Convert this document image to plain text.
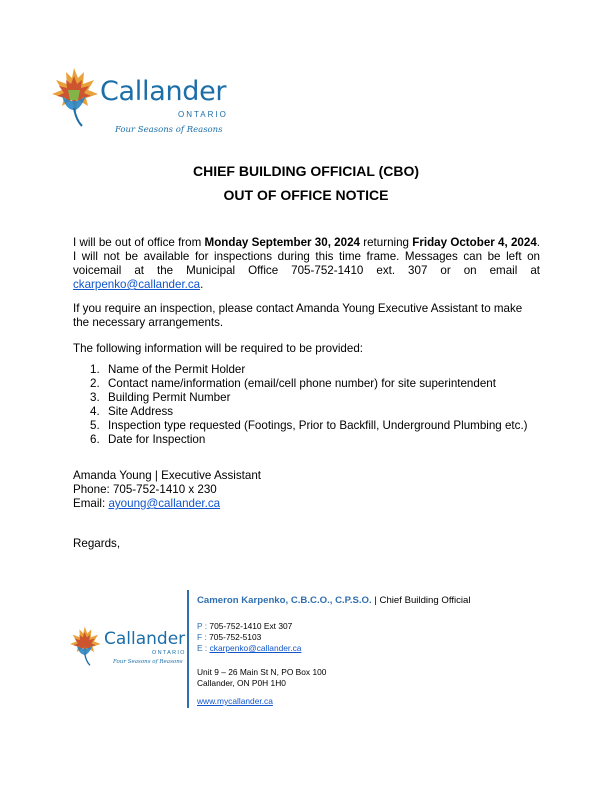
Callander
ONTARIO
Four Seasons of Reasons
CHIEF BUILDING OFFICIAL (CBO)
OUT OF OFFICE NOTICE
I will be out of office from Monday September 30, 2024 returning Friday October 4, 2024. I will not be available for inspections during this time frame. Messages can be left on voicemail at the Municipal Office 705-752-1410 ext. 307 or on email at ckarpenko@callander.ca.
If you require an inspection, please contact Amanda Young Executive Assistant to make the necessary arrangements.
The following information will be required to be provided:
1. Name of the Permit Holder
2. Contact name/information (email/cell phone number) for site superintendent
3. Building Permit Number
4. Site Address
5. Inspection type requested (Footings, Prior to Backfill, Underground Plumbing etc.)
6. Date for Inspection
Amanda Young | Executive Assistant
Phone: 705-752-1410 x 230
Email: ayoung@callander.ca
Regards,
Callander
ONTARIO
Four Seasons of Reasons
Cameron Karpenko, C.B.C.O., C.P.S.O. | Chief Building Official
P : 705-752-1410 Ext 307
F : 705-752-5103
E : ckarpenko@callander.ca
Unit 9 – 26 Main St N, PO Box 100
Callander, ON P0H 1H0
www.mycallander.ca
